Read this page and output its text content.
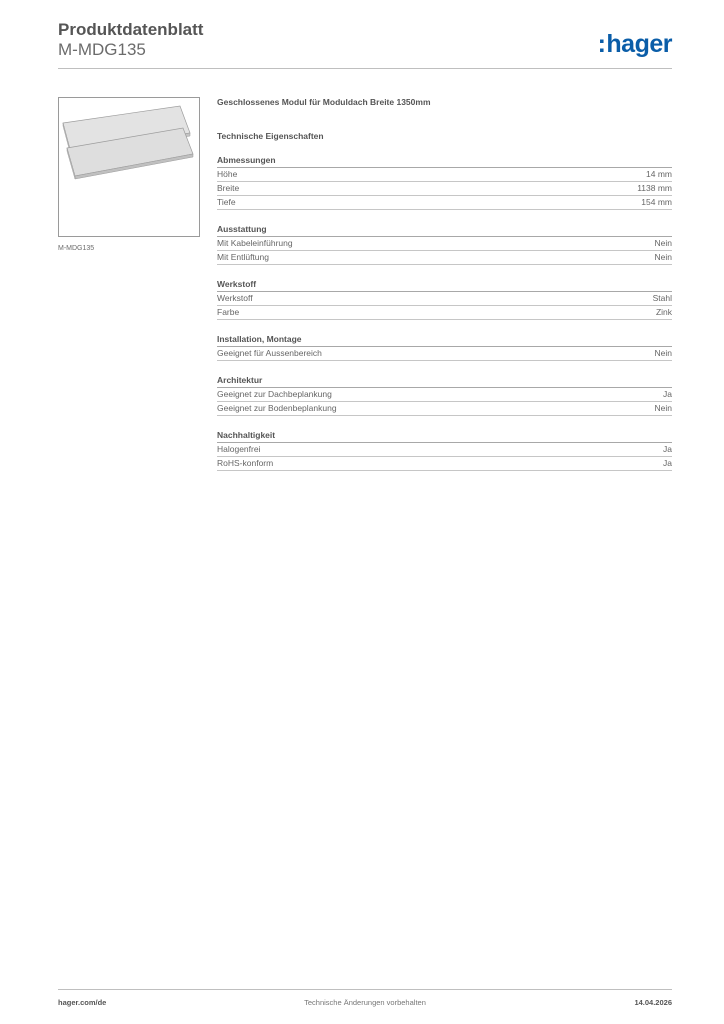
Produktdatenblatt
M-MDG135	:hager
M-MDG135
Geschlossenes Modul für Moduldach Breite 1350mm
Technische Eigenschaften
Abmessungen
Höhe	14 mm
Breite	1138 mm
Tiefe	154 mm
Ausstattung
Mit Kabeleinführung	Nein
Mit Entlüftung	Nein
Werkstoff
Werkstoff	Stahl
Farbe	Zink
Installation, Montage
Geeignet für Aussenbereich	Nein
Architektur
Geeignet zur Dachbeplankung	Ja
Geeignet zur Bodenbeplankung	Nein
Nachhaltigkeit
Halogenfrei	Ja
RoHS-konform	Ja
hager.com/de	Technische Änderungen vorbehalten	14.04.2026
